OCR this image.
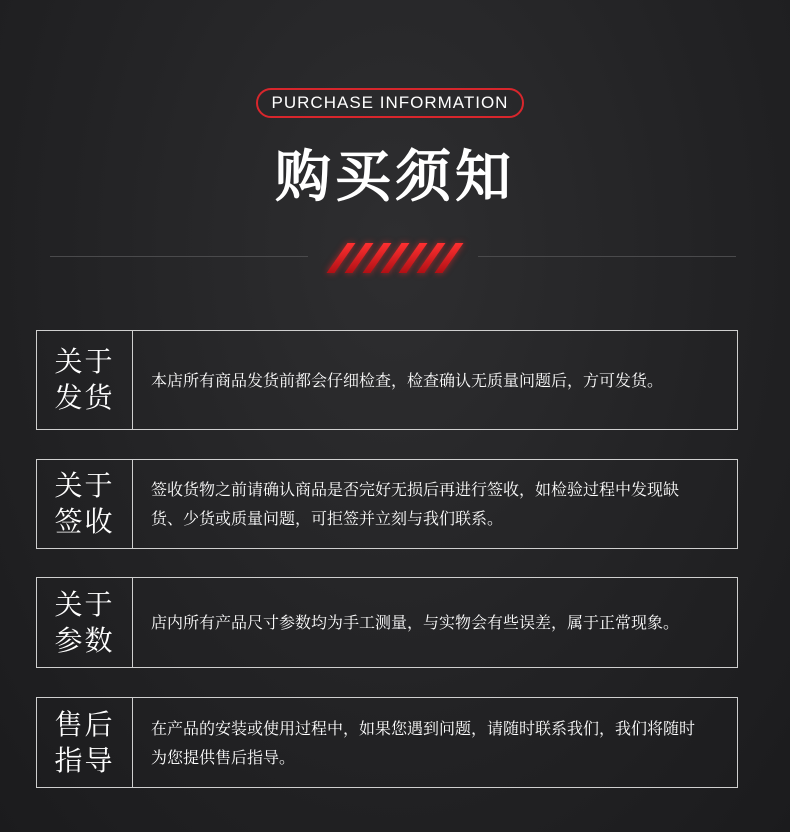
PURCHASE INFORMATION
购买须知
关于发货
本店所有商品发货前都会仔细检查，检查确认无质量问题后，方可发货。
关于签收
签收货物之前请确认商品是否完好无损后再进行签收，如检验过程中发现缺货、少货或质量问题，可拒签并立刻与我们联系。
关于参数
店内所有产品尺寸参数均为手工测量，与实物会有些误差，属于正常现象。
售后指导
在产品的安装或使用过程中，如果您遇到问题，请随时联系我们，我们将随时为您提供售后指导。
